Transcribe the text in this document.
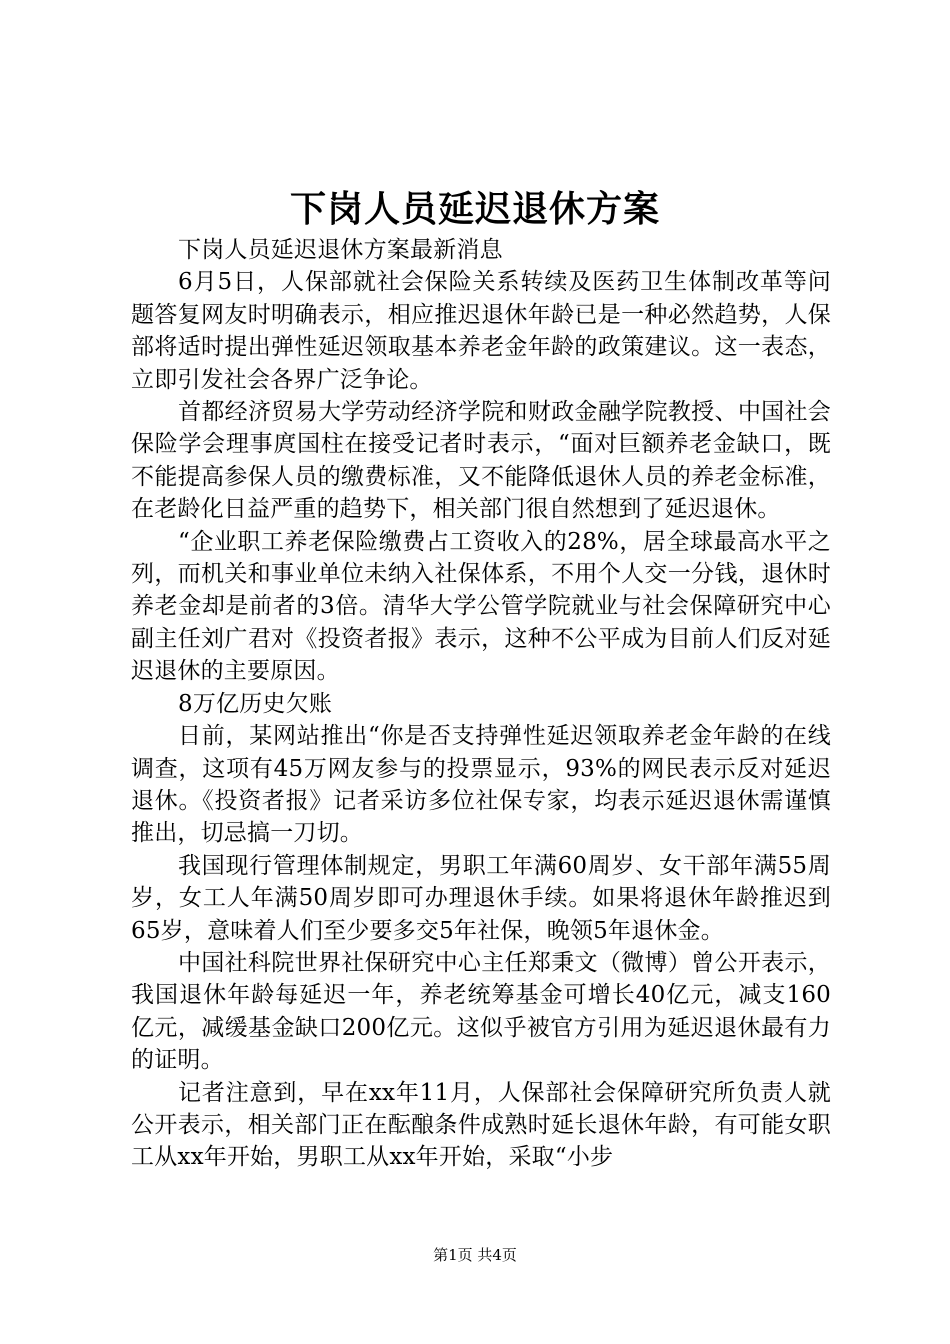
下岗人员延迟退休方案

下岗人员延迟退休方案最新消息

6月5日，人保部就社会保险关系转续及医药卫生体制改革等问题答复网友时明确表示，相应推迟退休年龄已是一种必然趋势，人保部将适时提出弹性延迟领取基本养老金年龄的政策建议。这一表态，立即引发社会各界广泛争论。

首都经济贸易大学劳动经济学院和财政金融学院教授、中国社会保险学会理事庹国柱在接受记者时表示，“面对巨额养老金缺口，既不能提高参保人员的缴费标准，又不能降低退休人员的养老金标准，在老龄化日益严重的趋势下，相关部门很自然想到了延迟退休。

“企业职工养老保险缴费占工资收入的28%，居全球最高水平之列，而机关和事业单位未纳入社保体系，不用个人交一分钱，退休时养老金却是前者的3倍。清华大学公管学院就业与社会保障研究中心副主任刘广君对《投资者报》表示，这种不公平成为目前人们反对延迟退休的主要原因。

8万亿历史欠账

日前，某网站推出“你是否支持弹性延迟领取养老金年龄的在线调查，这项有45万网友参与的投票显示，93%的网民表示反对延迟退休。《投资者报》记者采访多位社保专家，均表示延迟退休需谨慎推出，切忌搞一刀切。

我国现行管理体制规定，男职工年满60周岁、女干部年满55周岁，女工人年满50周岁即可办理退休手续。如果将退休年龄推迟到65岁，意味着人们至少要多交5年社保，晚领5年退休金。

中国社科院世界社保研究中心主任郑秉文（微博）曾公开表示，我国退休年龄每延迟一年，养老统筹基金可增长40亿元，减支160亿元，减缓基金缺口200亿元。这似乎被官方引用为延迟退休最有力的证明。

记者注意到，早在xx年11月，人保部社会保障研究所负责人就公开表示，相关部门正在酝酿条件成熟时延长退休年龄，有可能女职工从xx年开始，男职工从xx年开始，采取“小步

第1页 共4页
